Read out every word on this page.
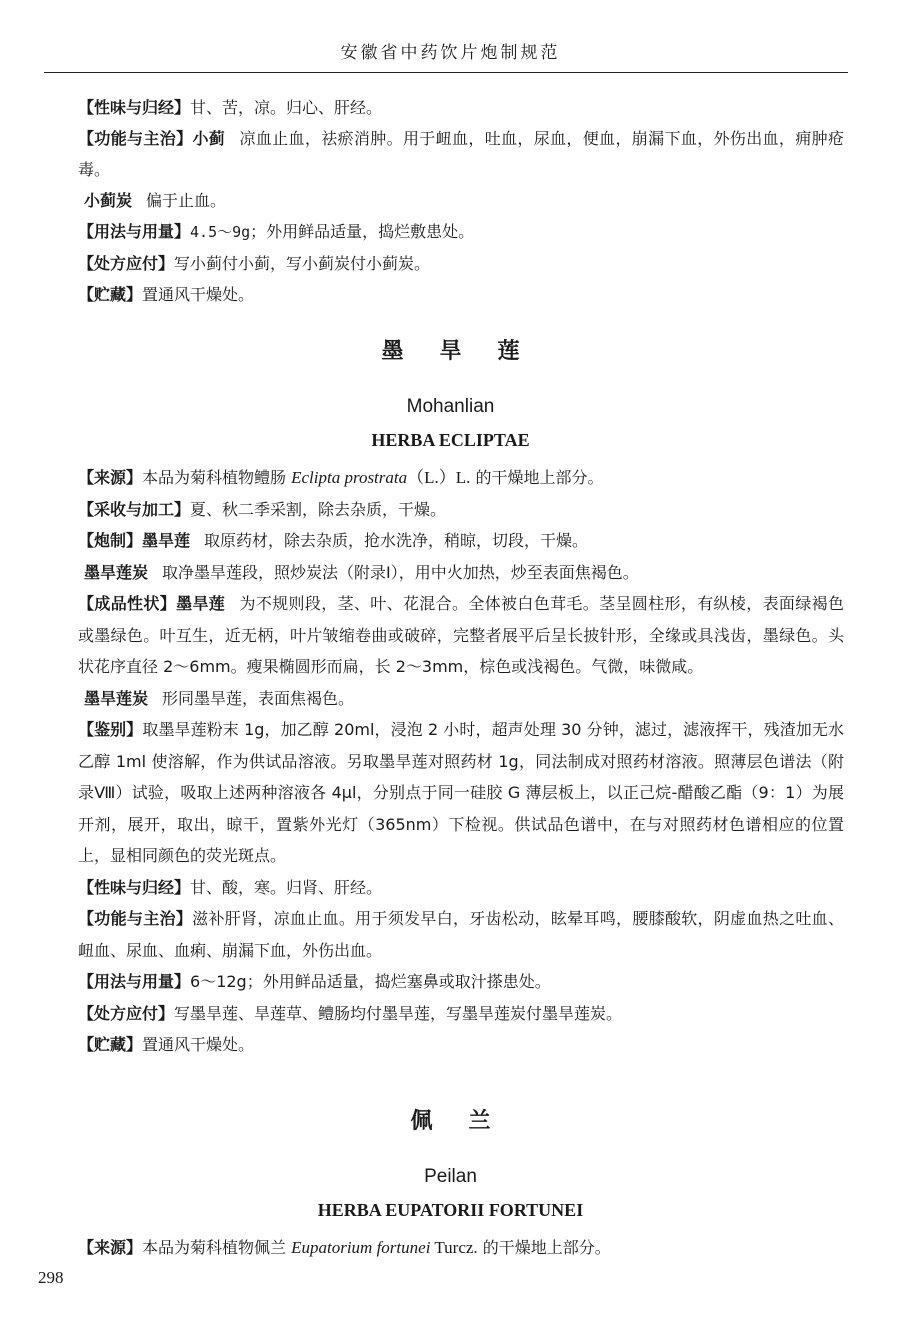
安徽省中药饮片炮制规范

【性味与归经】甘、苦，凉。归心、肝经。

【功能与主治】小蓟 凉血止血，祛瘀消肿。用于衄血，吐血，尿血，便血，崩漏下血，外伤出血，痈肿疮毒。

小蓟炭 偏于止血。

【用法与用量】4.5～9g；外用鲜品适量，捣烂敷患处。

【处方应付】写小蓟付小蓟，写小蓟炭付小蓟炭。

【贮藏】置通风干燥处。

墨旱莲
Mohanlian
HERBA ECLIPTAE

【来源】本品为菊科植物鳢肠 Eclipta prostrata（L.）L. 的干燥地上部分。

【采收与加工】夏、秋二季采割，除去杂质，干燥。

【炮制】墨旱莲 取原药材，除去杂质，抢水洗净，稍晾，切段，干燥。

墨旱莲炭 取净墨旱莲段，照炒炭法（附录Ⅰ），用中火加热，炒至表面焦褐色。

【成品性状】墨旱莲 为不规则段，茎、叶、花混合。全体被白色茸毛。茎呈圆柱形，有纵棱，表面绿褐色或墨绿色。叶互生，近无柄，叶片皱缩卷曲或破碎，完整者展平后呈长披针形，全缘或具浅齿，墨绿色。头状花序直径 2～6mm。瘦果椭圆形而扁，长 2～3mm，棕色或浅褐色。气微，味微咸。

墨旱莲炭 形同墨旱莲，表面焦褐色。

【鉴别】取墨旱莲粉末 1g，加乙醇 20ml，浸泡 2 小时，超声处理 30 分钟，滤过，滤液挥干，残渣加无水乙醇 1ml 使溶解，作为供试品溶液。另取墨旱莲对照药材 1g，同法制成对照药材溶液。照薄层色谱法（附录Ⅷ）试验，吸取上述两种溶液各 4μl，分别点于同一硅胶 G 薄层板上，以正己烷-醋酸乙酯（9：1）为展开剂，展开，取出，晾干，置紫外光灯（365nm）下检视。供试品色谱中，在与对照药材色谱相应的位置上，显相同颜色的荧光斑点。

【性味与归经】甘、酸，寒。归肾、肝经。

【功能与主治】滋补肝肾，凉血止血。用于须发早白，牙齿松动，眩晕耳鸣，腰膝酸软，阴虚血热之吐血、衄血、尿血、血痢、崩漏下血，外伤出血。

【用法与用量】6～12g；外用鲜品适量，捣烂塞鼻或取汁搽患处。

【处方应付】写墨旱莲、旱莲草、鳢肠均付墨旱莲，写墨旱莲炭付墨旱莲炭。

【贮藏】置通风干燥处。

佩兰
Peilan
HERBA EUPATORII FORTUNEI

【来源】本品为菊科植物佩兰 Eupatorium fortunei Turcz. 的干燥地上部分。

298
